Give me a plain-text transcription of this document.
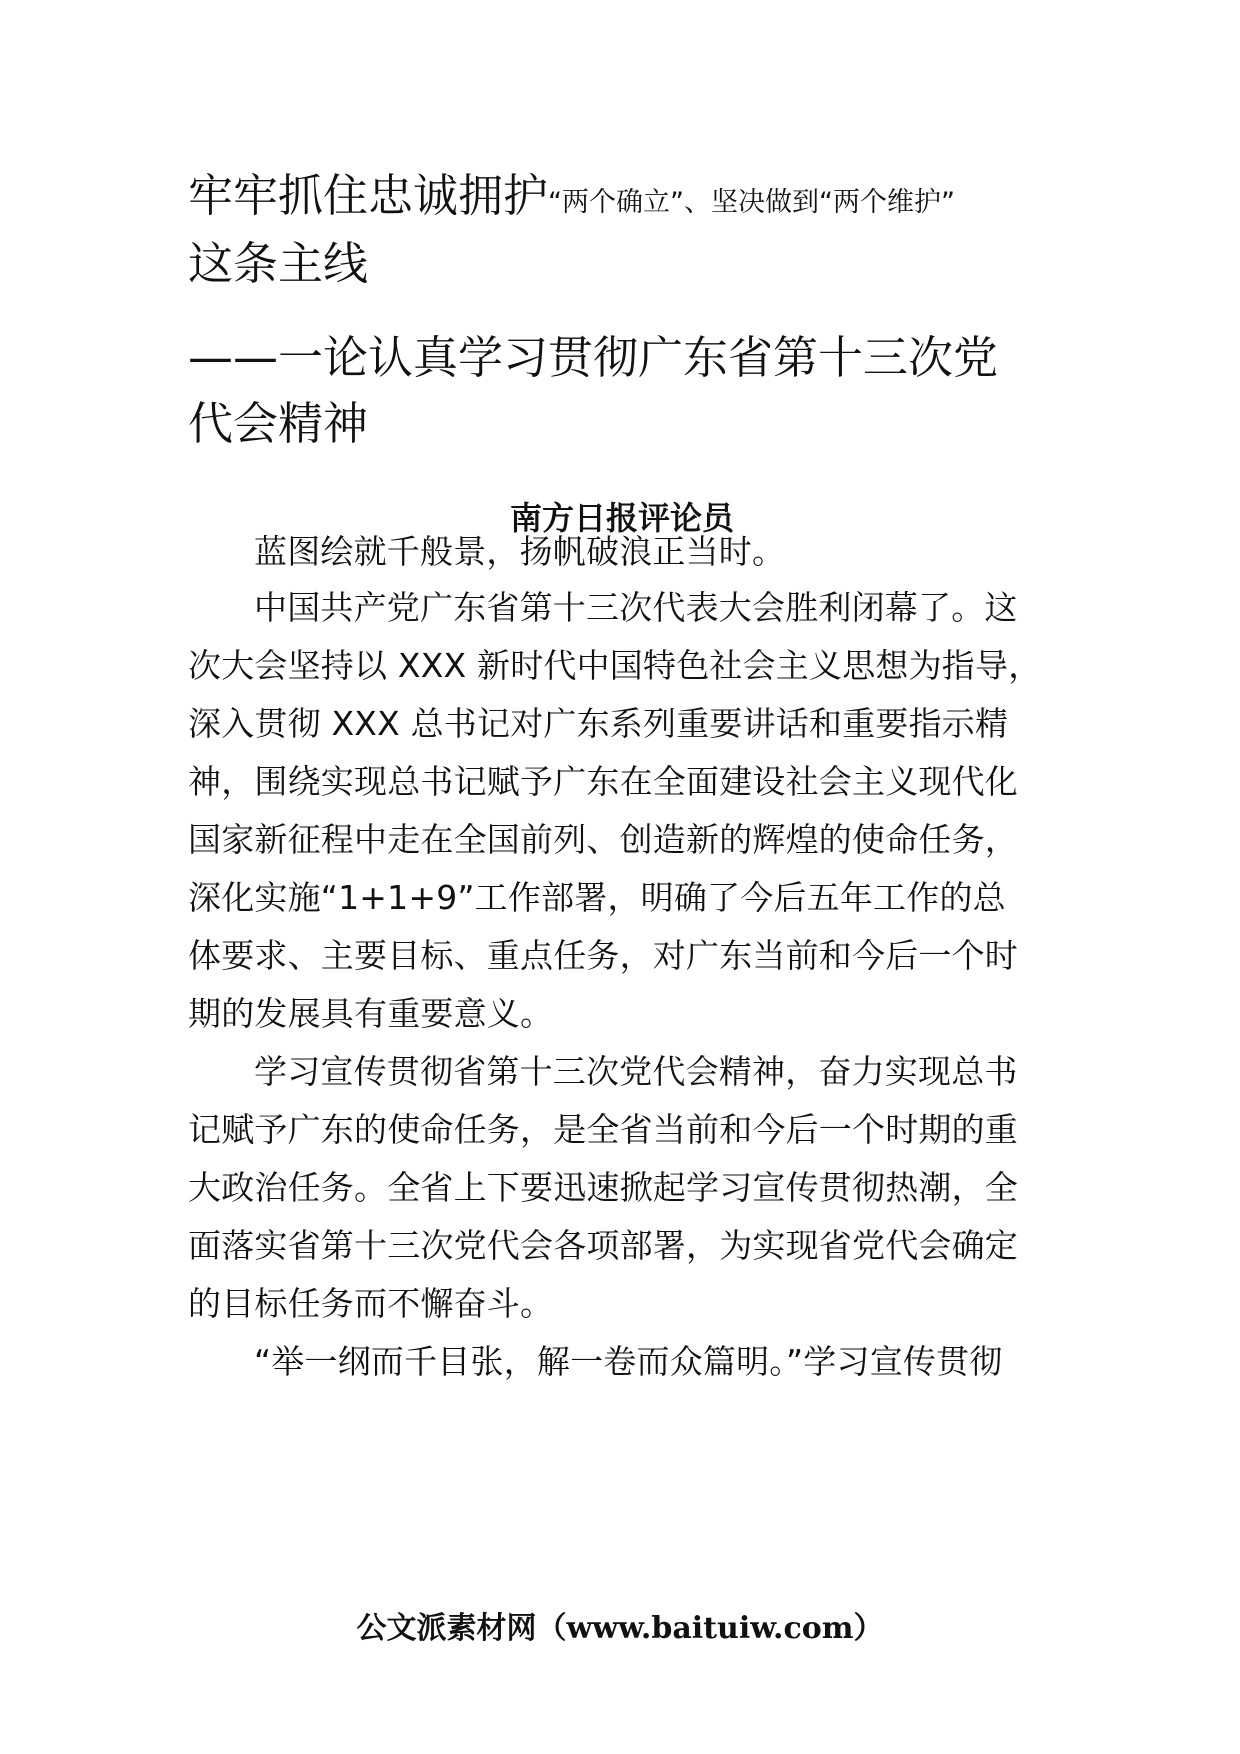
牢牢抓住忠诚拥护“两个确立”、坚决做到“两个维护”
这条主线
——一论认真学习贯彻广东省第十三次党
代会精神
南方日报评论员
蓝图绘就千般景，扬帆破浪正当时。
中国共产党广东省第十三次代表大会胜利闭幕了。这
次大会坚持以 XXX 新时代中国特色社会主义思想为指导，
深入贯彻 XXX 总书记对广东系列重要讲话和重要指示精
神，围绕实现总书记赋予广东在全面建设社会主义现代化
国家新征程中走在全国前列、创造新的辉煌的使命任务，
深化实施“1+1+9”工作部署，明确了今后五年工作的总
体要求、主要目标、重点任务，对广东当前和今后一个时
期的发展具有重要意义。
学习宣传贯彻省第十三次党代会精神，奋力实现总书
记赋予广东的使命任务，是全省当前和今后一个时期的重
大政治任务。全省上下要迅速掀起学习宣传贯彻热潮，全
面落实省第十三次党代会各项部署，为实现省党代会确定
的目标任务而不懈奋斗。
“举一纲而千目张，解一卷而众篇明。”学习宣传贯彻
公文派素材网（www.baituiw.com）
